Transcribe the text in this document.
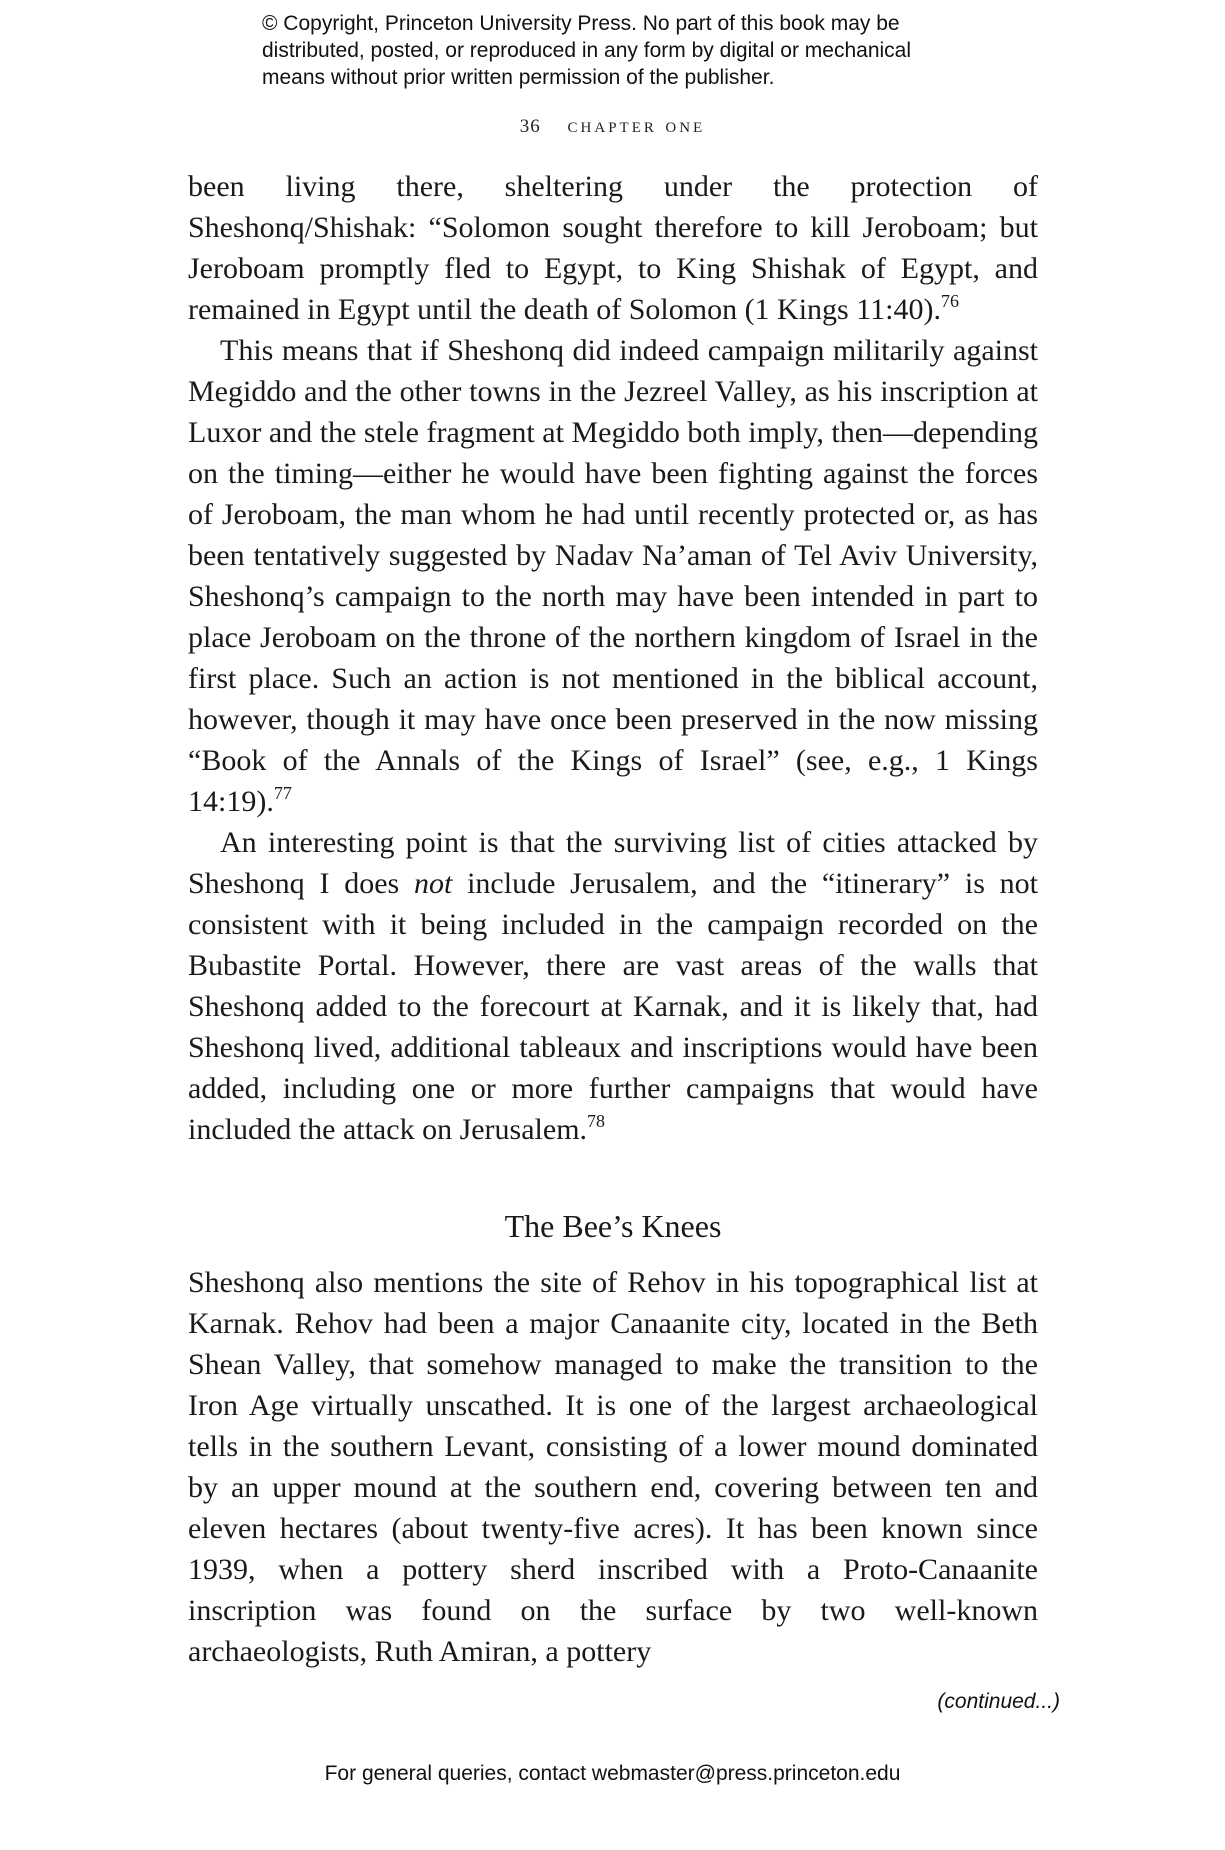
© Copyright, Princeton University Press. No part of this book may be
distributed, posted, or reproduced in any form by digital or mechanical
means without prior written permission of the publisher.
36 chapter one

been living there, sheltering under the protection of Sheshonq/Shishak: “Solomon sought therefore to kill Jeroboam; but Jeroboam promptly fled to Egypt, to King Shishak of Egypt, and remained in Egypt until the death of Solomon (1 Kings 11:40).$^{76}$

This means that if Sheshonq did indeed campaign militarily against Megiddo and the other towns in the Jezreel Valley, as his inscription at Luxor and the stele fragment at Megiddo both imply, then—depending on the timing—either he would have been fighting against the forces of Jeroboam, the man whom he had until recently protected or, as has been tentatively suggested by Nadav Na’aman of Tel Aviv University, Sheshonq’s campaign to the north may have been intended in part to place Jeroboam on the throne of the northern kingdom of Israel in the first place. Such an action is not mentioned in the biblical account, however, though it may have once been preserved in the now missing “Book of the Annals of the Kings of Israel” (see, e.g., 1 Kings 14:19).$^{77}$

An interesting point is that the surviving list of cities attacked by Sheshonq I does not include Jerusalem, and the “itinerary” is not consistent with it being included in the campaign recorded on the Bubastite Portal. However, there are vast areas of the walls that Sheshonq added to the forecourt at Karnak, and it is likely that, had Sheshonq lived, additional tableaux and inscriptions would have been added, including one or more further campaigns that would have included the attack on Jerusalem.$^{78}$

The Bee’s Knees

Sheshonq also mentions the site of Rehov in his topographical list at Karnak. Rehov had been a major Canaanite city, located in the Beth Shean Valley, that somehow managed to make the transition to the Iron Age virtually unscathed. It is one of the largest archaeological tells in the southern Levant, consisting of a lower mound dominated by an upper mound at the southern end, covering between ten and eleven hectares (about twenty-five acres). It has been known since 1939, when a pottery sherd inscribed with a Proto-Canaanite inscription was found on the surface by two well-known archaeologists, Ruth Amiran, a pottery

(continued...)
For general queries, contact webmaster@press.princeton.edu
